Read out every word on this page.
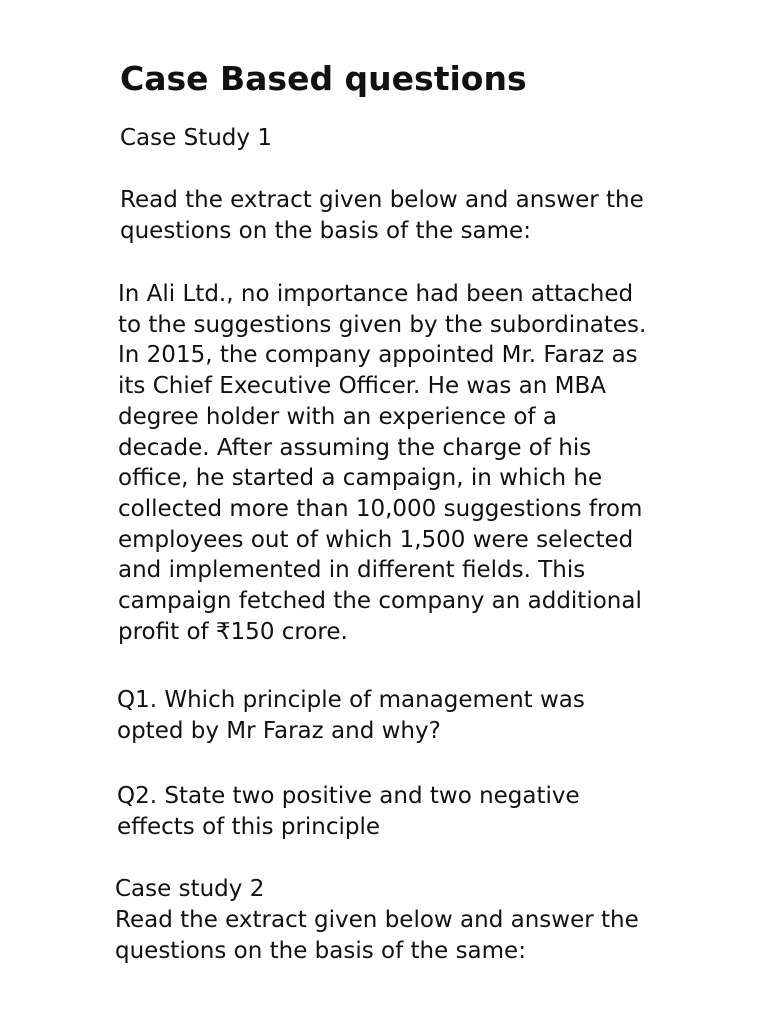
Case Based questions

Case Study 1

Read the extract given below and answer the
questions on the basis of the same:
In Ali Ltd., no importance had been attached
to the suggestions given by the subordinates.
In 2015, the company appointed Mr. Faraz as
its Chief Executive Officer. He was an MBA
degree holder with an experience of a
decade. After assuming the charge of his
office, he started a campaign, in which he
collected more than 10,000 suggestions from
employees out of which 1,500 were selected
and implemented in different fields. This
campaign fetched the company an additional
profit of ₹150 crore.
Q1. Which principle of management was
opted by Mr Faraz and why?
Q2. State two positive and two negative
effects of this principle

Case study 2

Read the extract given below and answer the
questions on the basis of the same:
